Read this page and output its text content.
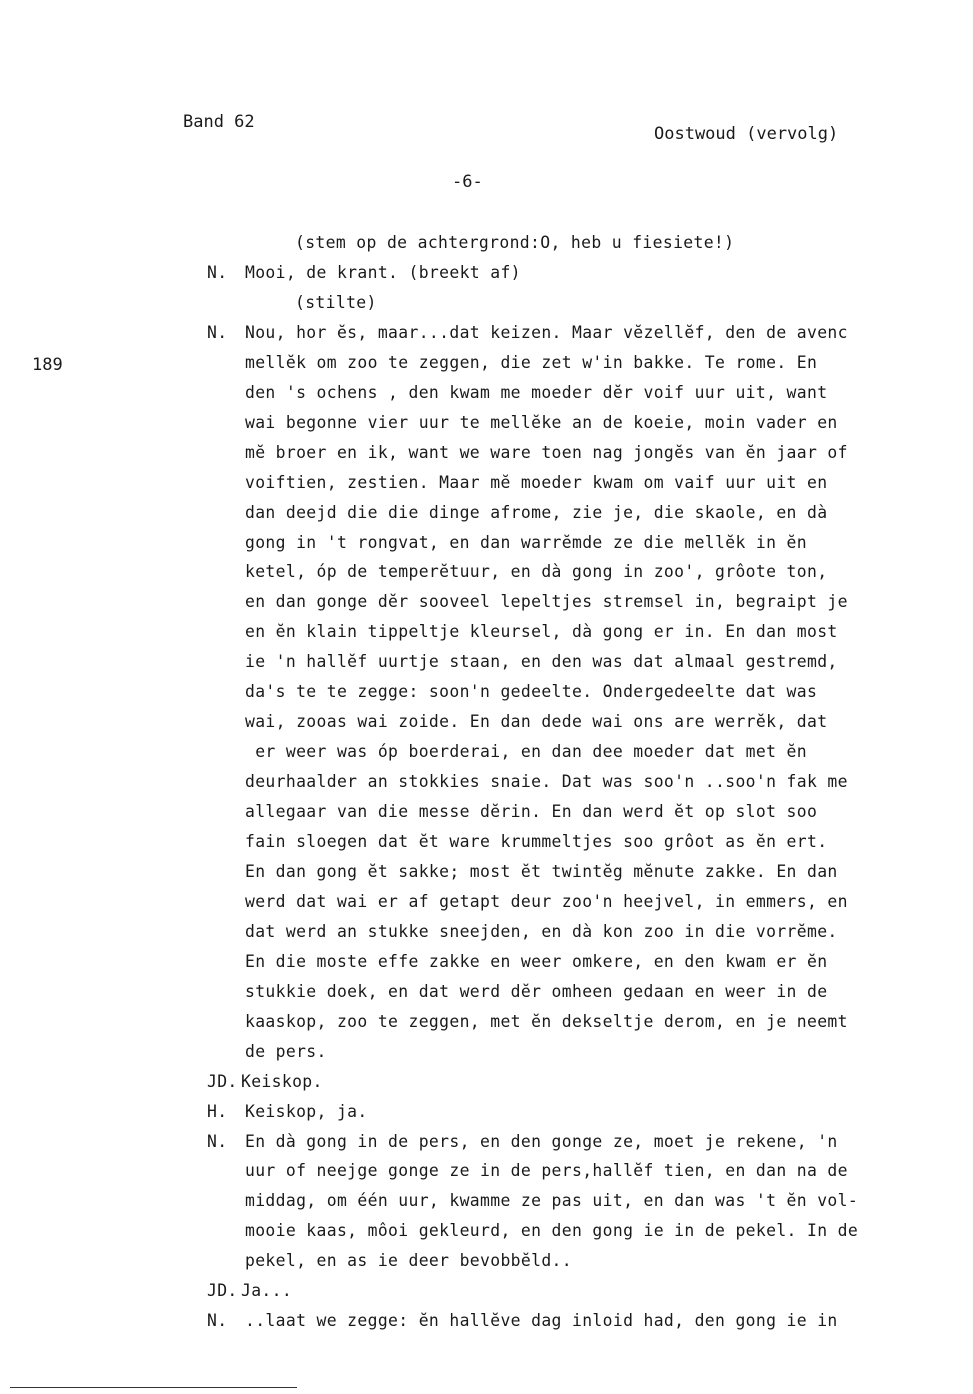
Band 62
Oostwoud (vervolg)
-6-
189
(stem op de achtergrond:O, heb u fiesiete!)
N. Mooi, de krant. (breekt af)
(stilte)
N. Nou, hor ĕs, maar...dat keizen. Maar vĕzellĕf, den de avenc
mellĕk om zoo te zeggen, die zet w'in bakke. Te rome. En
den 's ochens , den kwam me moeder dĕr voif uur uit, want
wai begonne vier uur te mellĕke an de koeie, moin vader en
mĕ broer en ik, want we ware toen nag jongĕs van ĕn jaar of
voiftien, zestien. Maar mĕ moeder kwam om vaif uur uit en
dan deejd die die dinge afrome, zie je, die skaole, en dà
gong in 't rongvat, en dan warrĕmde ze die mellĕk in ĕn
ketel, óp de temperĕtuur, en dà gong in zoo', grôote ton,
en dan gonge dĕr sooveel lepeltjes stremsel in, begraipt je
en ĕn klain tippeltje kleursel, dà gong er in. En dan most
ie 'n hallĕf uurtje staan, en den was dat almaal gestremd,
da's te te zegge: soon'n gedeelte. Ondergedeelte dat was
wai, zooas wai zoide. En dan dede wai ons are werrĕk, dat
er weer was óp boerderai, en dan dee moeder dat met ĕn
deurhaalder an stokkies snaie. Dat was soo'n ..soo'n fak me
allegaar van die messe dĕrin. En dan werd ĕt op slot soo
fain sloegen dat ĕt ware krummeltjes soo grôot as ĕn ert.
En dan gong ĕt sakke; most ĕt twintĕg mĕnute zakke. En dan
werd dat wai er af getapt deur zoo'n heejvel, in emmers, en
dat werd an stukke sneejden, en dà kon zoo in die vorrĕme.
En die moste effe zakke en weer omkere, en den kwam er ĕn
stukkie doek, en dat werd dĕr omheen gedaan en weer in de
kaaskop, zoo te zeggen, met ĕn dekseltje derom, en je neemt
de pers.
JD. Keiskop.
H. Keiskop, ja.
N. En dà gong in de pers, en den gonge ze, moet je rekene, 'n
uur of neejge gonge ze in de pers,hallĕf tien, en dan na de
middag, om één uur, kwamme ze pas uit, en dan was 't ĕn vol-
mooie kaas, môoi gekleurd, en den gong ie in de pekel. In de
pekel, en as ie deer bevobbĕld..
JD. Ja...
N. ..laat we zegge: ĕn hallĕve dag inloid had, den gong ie in
